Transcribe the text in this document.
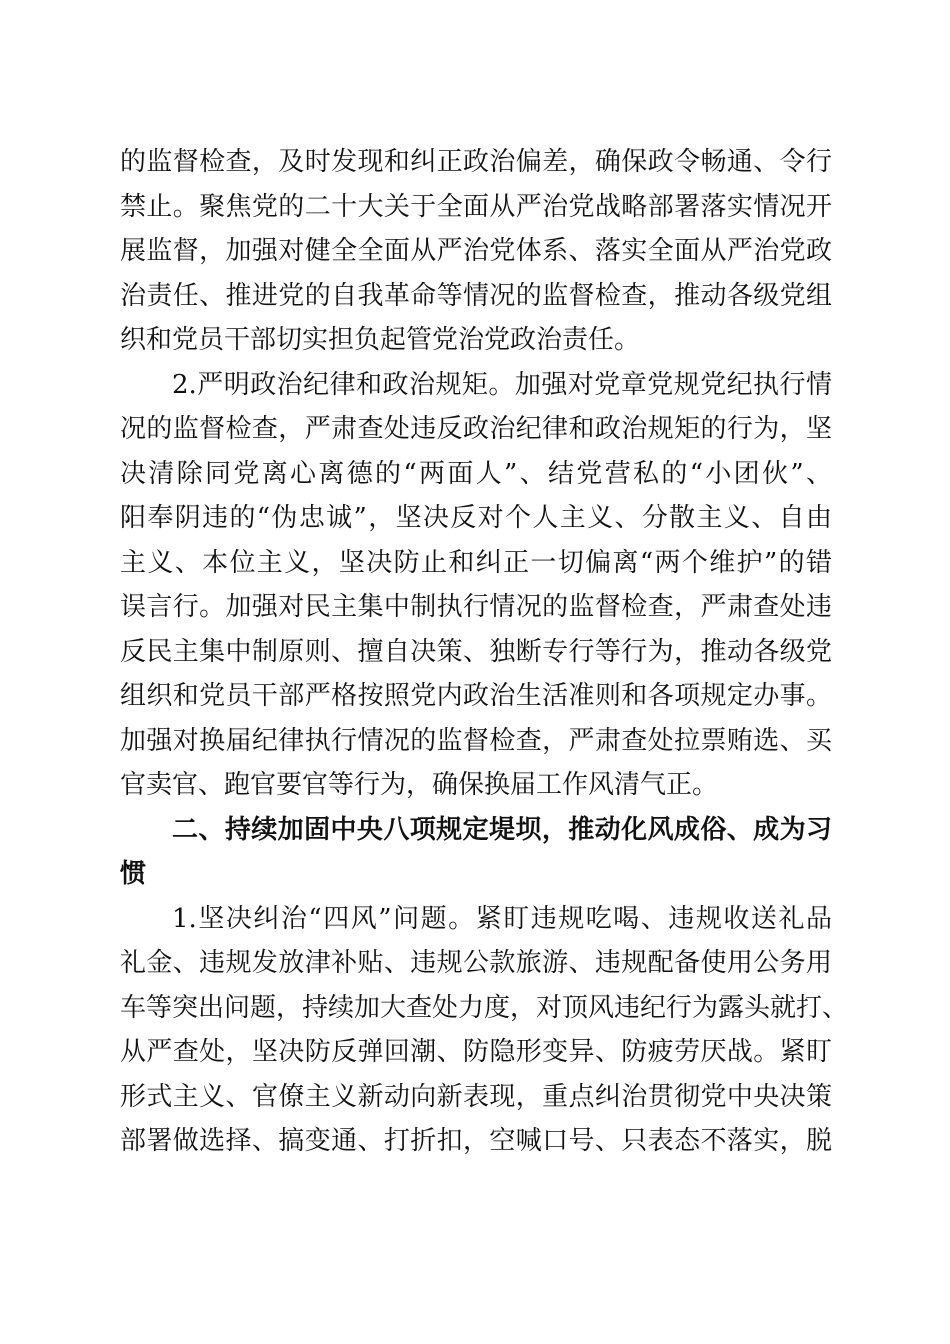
的监督检查，及时发现和纠正政治偏差，确保政令畅通、令行
禁止。聚焦党的二十大关于全面从严治党战略部署落实情况开
展监督，加强对健全全面从严治党体系、落实全面从严治党政
治责任、推进党的自我革命等情况的监督检查，推动各级党组
织和党员干部切实担负起管党治党政治责任。
2.严明政治纪律和政治规矩。加强对党章党规党纪执行情
况的监督检查，严肃查处违反政治纪律和政治规矩的行为，坚
决清除同党离心离德的“两面人”、结党营私的“小团伙”、
阳奉阴违的“伪忠诚”，坚决反对个人主义、分散主义、自由
主义、本位主义，坚决防止和纠正一切偏离“两个维护”的错
误言行。加强对民主集中制执行情况的监督检查，严肃查处违
反民主集中制原则、擅自决策、独断专行等行为，推动各级党
组织和党员干部严格按照党内政治生活准则和各项规定办事。
加强对换届纪律执行情况的监督检查，严肃查处拉票贿选、买
官卖官、跑官要官等行为，确保换届工作风清气正。
二、持续加固中央八项规定堤坝，推动化风成俗、成为习
惯
1.坚决纠治“四风”问题。紧盯违规吃喝、违规收送礼品
礼金、违规发放津补贴、违规公款旅游、违规配备使用公务用
车等突出问题，持续加大查处力度，对顶风违纪行为露头就打、
从严查处，坚决防反弹回潮、防隐形变异、防疲劳厌战。紧盯
形式主义、官僚主义新动向新表现，重点纠治贯彻党中央决策
部署做选择、搞变通、打折扣，空喊口号、只表态不落实，脱
